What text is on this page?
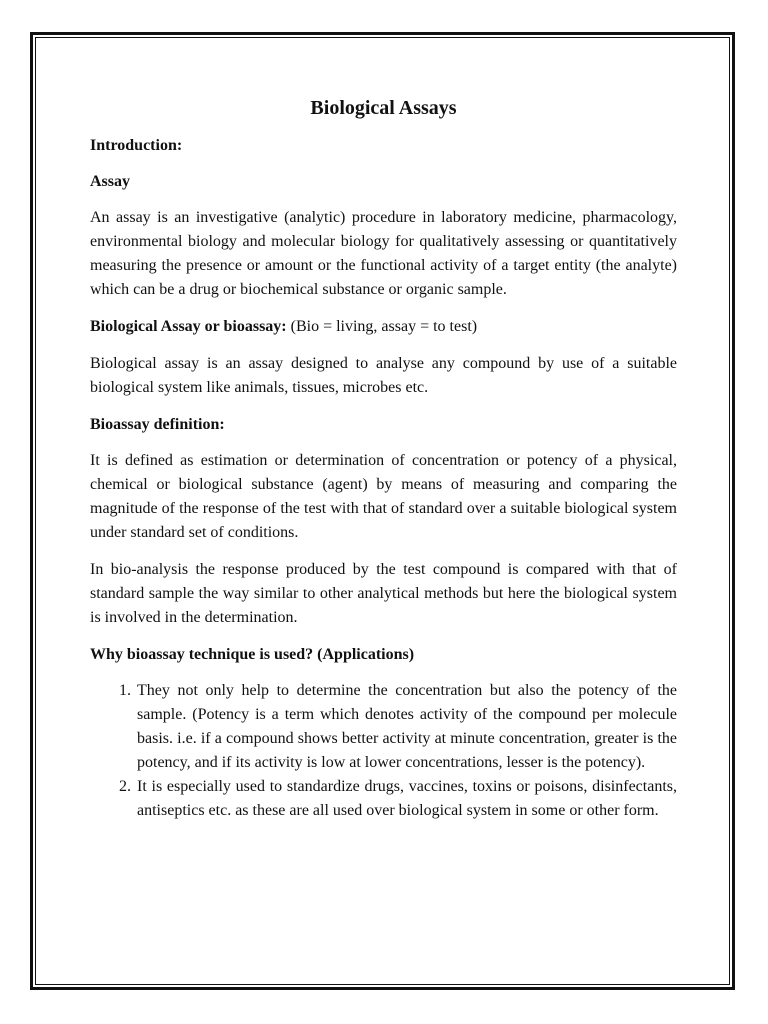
Biological Assays
Introduction:
Assay
An assay is an investigative (analytic) procedure in laboratory medicine, pharmacology, environmental biology and molecular biology for qualitatively assessing or quantitatively measuring the presence or amount or the functional activity of a target entity (the analyte) which can be a drug or biochemical substance or organic sample.
Biological Assay or bioassay: (Bio = living, assay = to test)
Biological assay is an assay designed to analyse any compound by use of a suitable biological system like animals, tissues, microbes etc.
Bioassay definition:
It is defined as estimation or determination of concentration or potency of a physical, chemical or biological substance (agent) by means of measuring and comparing the magnitude of the response of the test with that of standard over a suitable biological system under standard set of conditions.
In bio-analysis the response produced by the test compound is compared with that of standard sample the way similar to other analytical methods but here the biological system is involved in the determination.
Why bioassay technique is used? (Applications)
1. They not only help to determine the concentration but also the potency of the sample. (Potency is a term which denotes activity of the compound per molecule basis. i.e. if a compound shows better activity at minute concentration, greater is the potency, and if its activity is low at lower concentrations, lesser is the potency).
2. It is especially used to standardize drugs, vaccines, toxins or poisons, disinfectants, antiseptics etc. as these are all used over biological system in some or other form.
